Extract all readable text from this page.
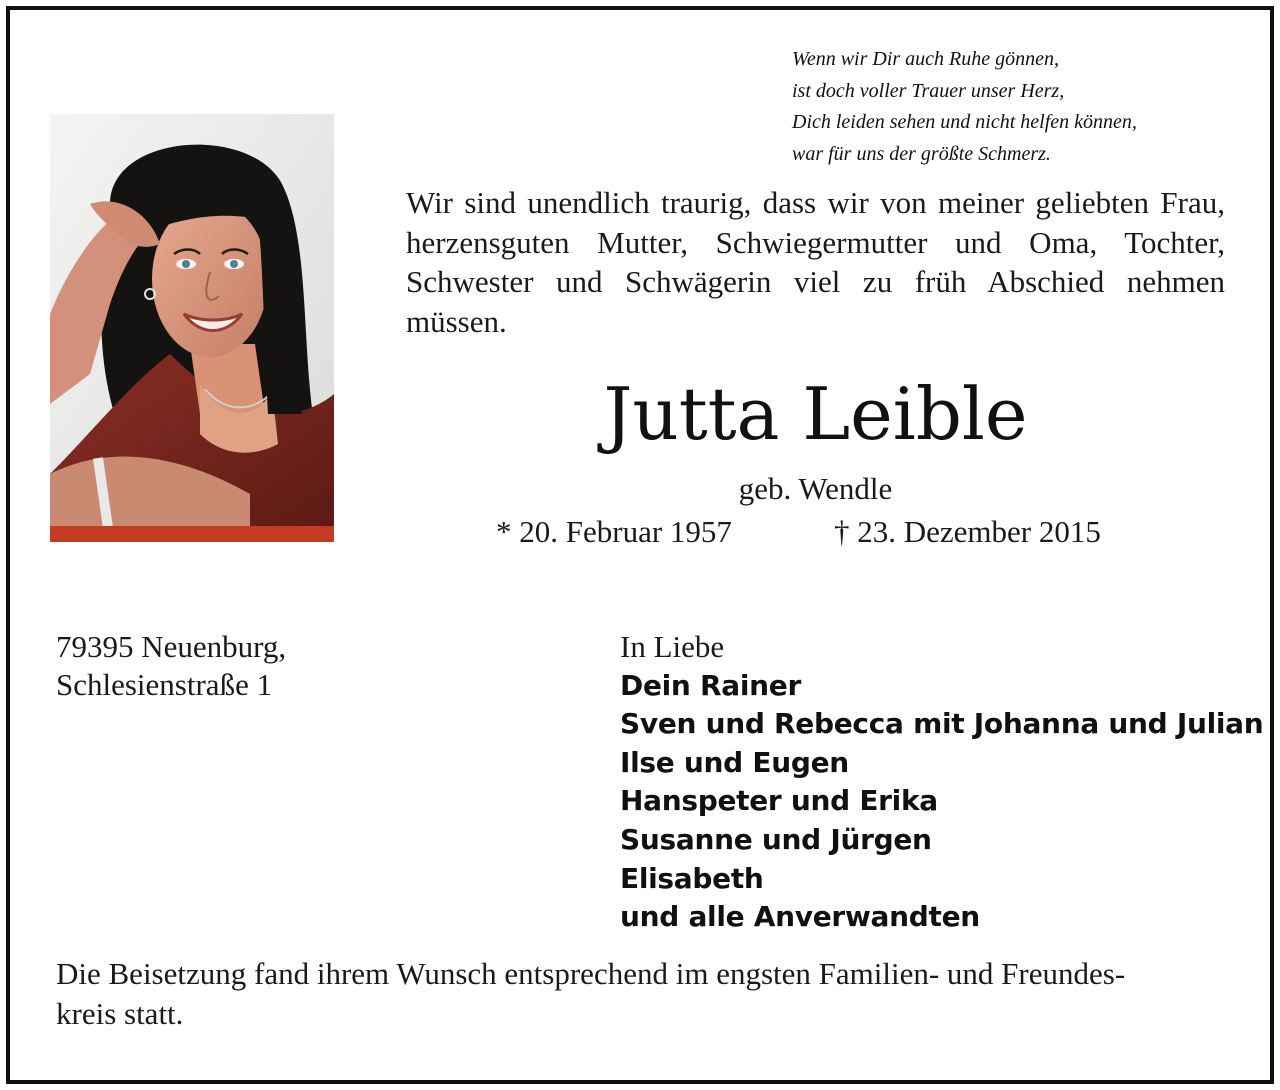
Wenn wir Dir auch Ruhe gönnen,
ist doch voller Trauer unser Herz,
Dich leiden sehen und nicht helfen können,
war für uns der größte Schmerz.
Wir sind unendlich traurig, dass wir von meiner geliebten Frau, herzensguten Mutter, Schwiegermutter und Oma, Tochter, Schwester und Schwägerin viel zu früh Abschied nehmen müssen.
Jutta Leible
geb. Wendle
* 20. Februar 1957	† 23. Dezember 2015
79395 Neuenburg,
Schlesienstraße 1
In Liebe
Dein Rainer
Sven und Rebecca mit Johanna und Julian
Ilse und Eugen
Hanspeter und Erika
Susanne und Jürgen
Elisabeth
und alle Anverwandten
Die Beisetzung fand ihrem Wunsch entsprechend im engsten Familien- und Freundes-
kreis statt.
